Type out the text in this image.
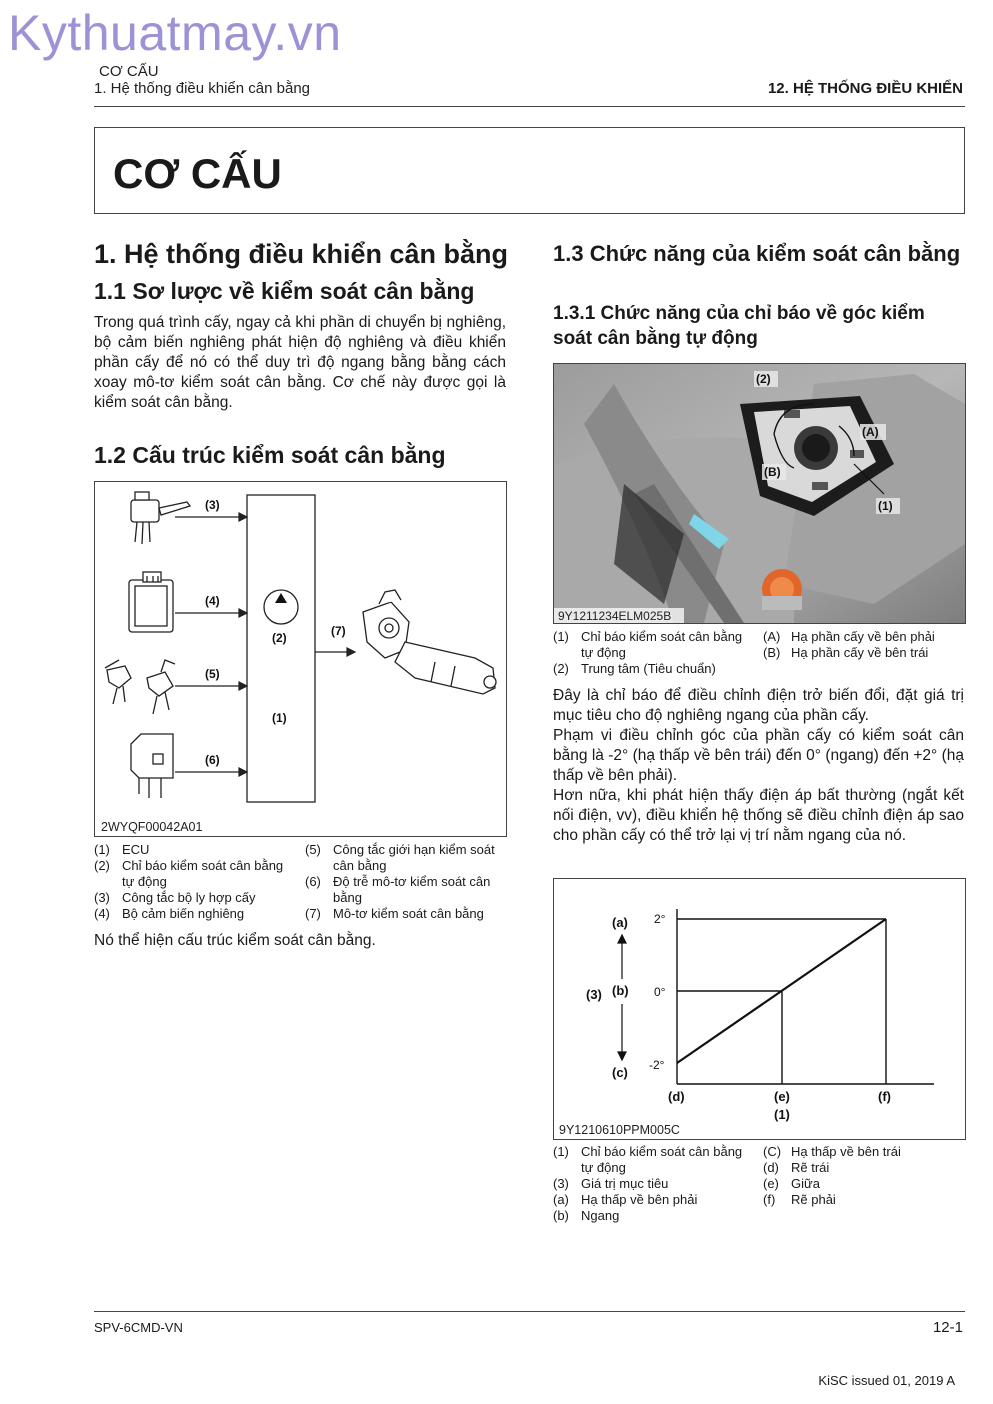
Kythuatmay.vn
CƠ CẤU
1. Hệ thống điều khiển cân bằng	12. HỆ THỐNG ĐIỀU KHIỂN
CƠ CẤU
1. Hệ thống điều khiển cân bằng
1.1 Sơ lược về kiểm soát cân bằng

Trong quá trình cấy, ngay cả khi phần di chuyển bị nghiêng, bộ cảm biến nghiêng phát hiện độ nghiêng và điều khiển phần cấy để nó có thể duy trì độ ngang bằng bằng cách xoay mô-tơ kiểm soát cân bằng. Cơ chế này được gọi là kiểm soát cân bằng.

1.2 Cấu trúc kiểm soát cân bằng
(3)
(4)
(5)
(6)
(2)
(1)
(7)
2WYQF00042A01
(1) ECU
(2) Chỉ báo kiểm soát cân bằng tự động
(3) Công tắc bộ ly hợp cấy
(4) Bộ cảm biến nghiêng
(5) Công tắc giới hạn kiểm soát cân bằng
(6) Độ trễ mô-tơ kiểm soát cân bằng
(7) Mô-tơ kiểm soát cân bằng

Nó thể hiện cấu trúc kiểm soát cân bằng.

1.3 Chức năng của kiểm soát cân bằng
1.3.1 Chức năng của chỉ báo về góc kiểm soát cân bằng tự động
(2)
(A)
(B)
(1)
9Y1211234ELM025B
(1) Chỉ báo kiểm soát cân bằng tự động
(2) Trung tâm (Tiêu chuẩn)
(A) Hạ phần cấy về bên phải
(B) Hạ phần cấy về bên trái

Đây là chỉ báo để điều chỉnh điện trở biến đổi, đặt giá trị mục tiêu cho độ nghiêng ngang của phần cấy.

Phạm vi điều chỉnh góc của phần cấy có kiểm soát cân bằng là -2° (hạ thấp về bên trái) đến 0° (ngang) đến +2° (hạ thấp về bên phải).

Hơn nữa, khi phát hiện thấy điện áp bất thường (ngắt kết nối điện, vv), điều khiển hệ thống sẽ điều chỉnh điện áp sao cho phần cấy có thể trở lại vị trí nằm ngang của nó.

(a)
(b)
(c)
(3)
(d)	(e)	(f)
(1)
2°
0°
-2°
9Y1210610PPM005C
(1) Chỉ báo kiểm soát cân bằng tự động
(3) Giá trị mục tiêu
(a) Hạ thấp về bên phải
(b) Ngang
(C) Hạ thấp về bên trái
(d) Rẽ trái
(e) Giữa
(f) Rẽ phải
SPV-6CMD-VN	12-1
KiSC issued 01, 2019 A
